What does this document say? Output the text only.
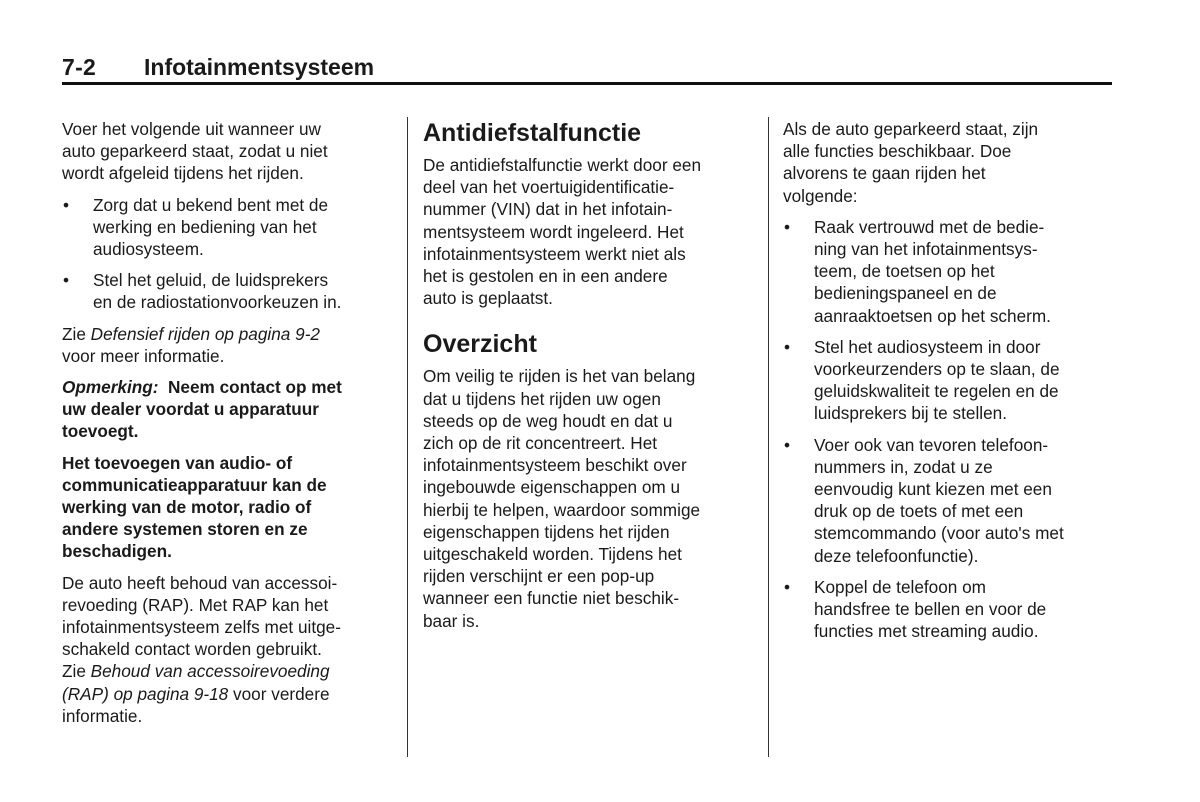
7-2 Infotainmentsysteem

Voer het volgende uit wanneer uw
auto geparkeerd staat, zodat u niet
wordt afgeleid tijdens het rijden.

•	Zorg dat u bekend bent met de
werking en bediening van het
audiosysteem.
•	Stel het geluid, de luidsprekers
en de radiostationvoorkeuzen in.

Zie Defensief rijden op pagina 9-2
voor meer informatie.

Opmerking: Neem contact op met
uw dealer voordat u apparatuur
toevoegt.
Het toevoegen van audio- of
communicatieapparatuur kan de
werking van de motor, radio of
andere systemen storen en ze
beschadigen.

De auto heeft behoud van accessoi-
revoeding (RAP). Met RAP kan het
infotainmentsysteem zelfs met uitge-
schakeld contact worden gebruikt.
Zie Behoud van accessoirevoeding
(RAP) op pagina 9-18 voor verdere
informatie.

Antidiefstalfunctie

De antidiefstalfunctie werkt door een
deel van het voertuigidentificatie-
nummer (VIN) dat in het infotain-
mentsysteem wordt ingeleerd. Het
infotainmentsysteem werkt niet als
het is gestolen en in een andere
auto is geplaatst.

Overzicht

Om veilig te rijden is het van belang
dat u tijdens het rijden uw ogen
steeds op de weg houdt en dat u
zich op de rit concentreert. Het
infotainmentsysteem beschikt over
ingebouwde eigenschappen om u
hierbij te helpen, waardoor sommige
eigenschappen tijdens het rijden
uitgeschakeld worden. Tijdens het
rijden verschijnt er een pop-up
wanneer een functie niet beschik-
baar is.

Als de auto geparkeerd staat, zijn
alle functies beschikbaar. Doe
alvorens te gaan rijden het
volgende:

•	Raak vertrouwd met de bedie-
ning van het infotainmentsys-
teem, de toetsen op het
bedieningspaneel en de
aanraaktoetsen op het scherm.
•	Stel het audiosysteem in door
voorkeurzenders op te slaan, de
geluidskwaliteit te regelen en de
luidsprekers bij te stellen.
•	Voer ook van tevoren telefoon-
nummers in, zodat u ze
eenvoudig kunt kiezen met een
druk op de toets of met een
stemcommando (voor auto's met
deze telefoonfunctie).
•	Koppel de telefoon om
handsfree te bellen en voor de
functies met streaming audio.
